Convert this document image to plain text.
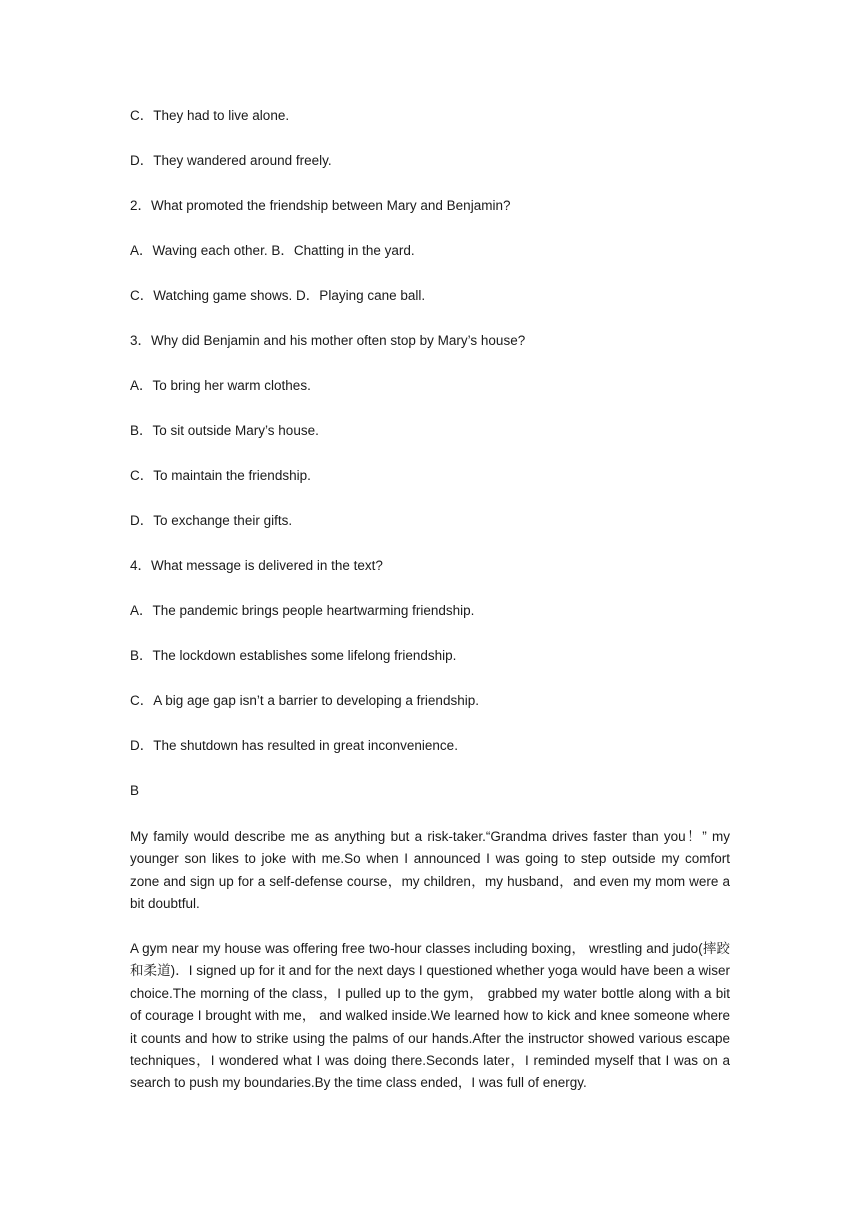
C．They had to live alone.
D．They wandered around freely.
2．What promoted the friendship between Mary and Benjamin?
A．Waving each other. B．Chatting in the yard.
C．Watching game shows. D．Playing cane ball.
3．Why did Benjamin and his mother often stop by Mary’s house?
A．To bring her warm clothes.
B．To sit outside Mary’s house.
C．To maintain the friendship.
D．To exchange their gifts.
4．What message is delivered in the text?
A．The pandemic brings people heartwarming friendship.
B．The lockdown establishes some lifelong friendship.
C．A big age gap isn’t a barrier to developing a friendship.
D．The shutdown has resulted in great inconvenience.
B
My family would describe me as anything but a risk-taker.“Grandma drives faster than you！” my younger son likes to joke with me.So when I announced I was going to step outside my comfort zone and sign up for a self-defense course，my children，my husband，and even my mom were a bit doubtful.
A gym near my house was offering free two-hour classes including boxing， wrestling and judo(摔跤和柔道)．I signed up for it and for the next days I questioned whether yoga would have been a wiser choice.The morning of the class，I pulled up to the gym， grabbed my water bottle along with a bit of courage I brought with me， and walked inside.We learned how to kick and knee someone where it counts and how to strike using the palms of our hands.After the instructor showed various escape techniques，I wondered what I was doing there.Seconds later，I reminded myself that I was on a search to push my boundaries.By the time class ended，I was full of energy.
